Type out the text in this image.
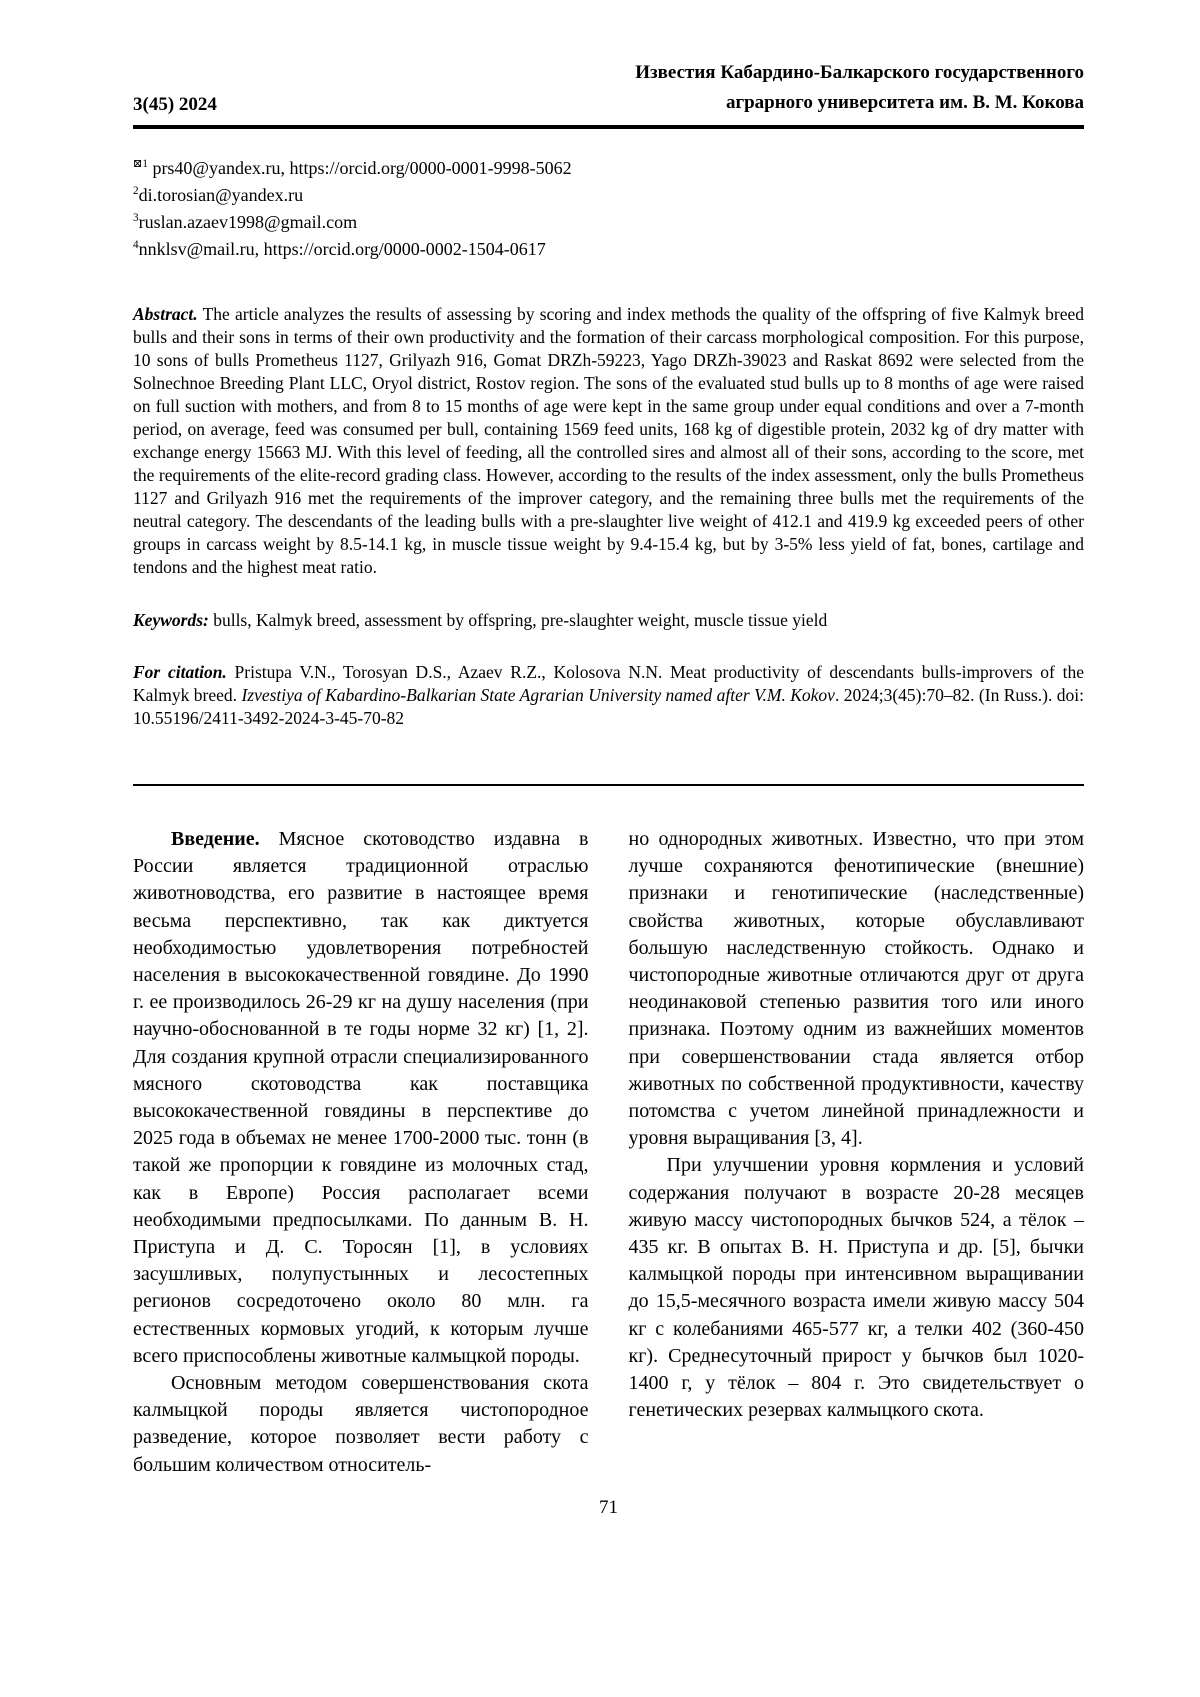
3(45) 2024
Известия Кабардино-Балкарского государственного
аграрного университета им. В. М. Кокова

$^{⊠1}$ prs40@yandex.ru, https://orcid.org/0000-0001-9998-5062

$^2$di.torosian@yandex.ru

$^3$ruslan.azaev1998@gmail.com

$^4$nnklsv@mail.ru, https://orcid.org/0000-0002-1504-0617

Abstract. The article analyzes the results of assessing by scoring and index methods the quality of the offspring of five Kalmyk breed bulls and their sons in terms of their own productivity and the formation of their carcass morphological composition. For this purpose, 10 sons of bulls Prometheus 1127, Grilyazh 916, Gomat DRZh-59223, Yago DRZh-39023 and Raskat 8692 were selected from the Solnechnoe Breeding Plant LLC, Oryol district, Rostov region. The sons of the evaluated stud bulls up to 8 months of age were raised on full suction with mothers, and from 8 to 15 months of age were kept in the same group under equal conditions and over a 7-month period, on average, feed was consumed per bull, containing 1569 feed units, 168 kg of digestible protein, 2032 kg of dry matter with exchange energy 15663 MJ. With this level of feeding, all the controlled sires and almost all of their sons, according to the score, met the requirements of the elite-record grading class. However, according to the results of the index assessment, only the bulls Prometheus 1127 and Grilyazh 916 met the requirements of the improver category, and the remaining three bulls met the requirements of the neutral category. The descendants of the leading bulls with a pre-slaughter live weight of 412.1 and 419.9 kg exceeded peers of other groups in carcass weight by 8.5-14.1 kg, in muscle tissue weight by 9.4-15.4 kg, but by 3-5% less yield of fat, bones, cartilage and tendons and the highest meat ratio.

Keywords: bulls, Kalmyk breed, assessment by offspring, pre-slaughter weight, muscle tissue yield

For citation. Pristupa V.N., Torosyan D.S., Azaev R.Z., Kolosova N.N. Meat productivity of descendants bulls-improvers of the Kalmyk breed. Izvestiya of Kabardino-Balkarian State Agrarian University named after V.M. Kokov. 2024;3(45):70–82. (In Russ.). doi: 10.55196/2411-3492-2024-3-45-70-82

Введение. Мясное скотоводство издавна в России является традиционной отраслью животноводства, его развитие в настоящее время весьма перспективно, так как диктуется необходимостью удовлетворения потребностей населения в высококачественной говядине. До 1990 г. ее производилось 26-29 кг на душу населения (при научно-обоснованной в те годы норме 32 кг) [1, 2]. Для создания крупной отрасли специализированного мясного скотоводства как поставщика высококачественной говядины в перспективе до 2025 года в объемах не менее 1700-2000 тыс. тонн (в такой же пропорции к говядине из молочных стад, как в Европе) Россия располагает всеми необходимыми предпосылками. По данным В. Н. Приступа и Д. С. Торосян [1], в условиях засушливых, полупустынных и лесостепных регионов сосредоточено около 80 млн. га естественных кормовых угодий, к которым лучше всего приспособлены животные калмыцкой породы.

Основным методом совершенствования скота калмыцкой породы является чистопородное разведение, которое позволяет вести работу с большим количеством относитель-

но однородных животных. Известно, что при этом лучше сохраняются фенотипические (внешние) признаки и генотипические (наследственные) свойства животных, которые обуславливают большую наследственную стойкость. Однако и чистопородные животные отличаются друг от друга неодинаковой степенью развития того или иного признака. Поэтому одним из важнейших моментов при совершенствовании стада является отбор животных по собственной продуктивности, качеству потомства с учетом линейной принадлежности и уровня выращивания [3, 4].

При улучшении уровня кормления и условий содержания получают в возрасте 20-28 месяцев живую массу чистопородных бычков 524, а тёлок – 435 кг. В опытах В. Н. Приступа и др. [5], бычки калмыцкой породы при интенсивном выращивании до 15,5-месячного возраста имели живую массу 504 кг с колебаниями 465-577 кг, а телки 402 (360-450 кг). Среднесуточный прирост у бычков был 1020-1400 г, у тёлок – 804 г. Это свидетельствует о генетических резервах калмыцкого скота.

71
